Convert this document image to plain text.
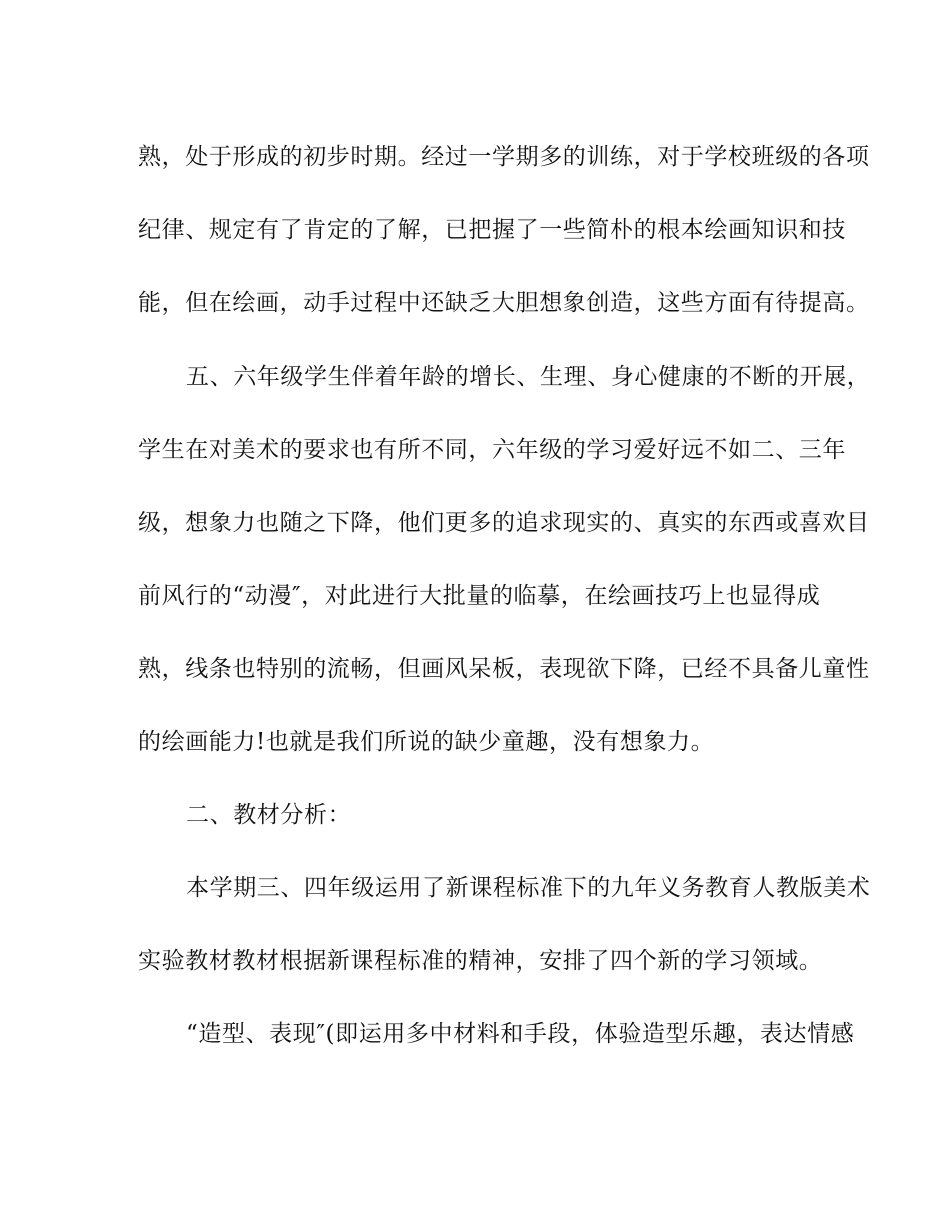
熟，处于形成的初步时期。经过一学期多的训练，对于学校班级的各项
纪律、规定有了肯定的了解，已把握了一些简朴的根本绘画知识和技
能，但在绘画，动手过程中还缺乏大胆想象创造，这些方面有待提高。
五、六年级学生伴着年龄的增长、生理、身心健康的不断的开展，
学生在对美术的要求也有所不同，六年级的学习爱好远不如二、三年
级，想象力也随之下降，他们更多的追求现实的、真实的东西或喜欢目
前风行的“动漫″，对此进行大批量的临摹，在绘画技巧上也显得成
熟，线条也特别的流畅，但画风呆板，表现欲下降，已经不具备儿童性
的绘画能力!也就是我们所说的缺少童趣，没有想象力。
二、教材分析：
本学期三、四年级运用了新课程标准下的九年义务教育人教版美术
实验教材教材根据新课程标准的精神，安排了四个新的学习领域。
“造型、表现″(即运用多中材料和手段，体验造型乐趣，表达情感
